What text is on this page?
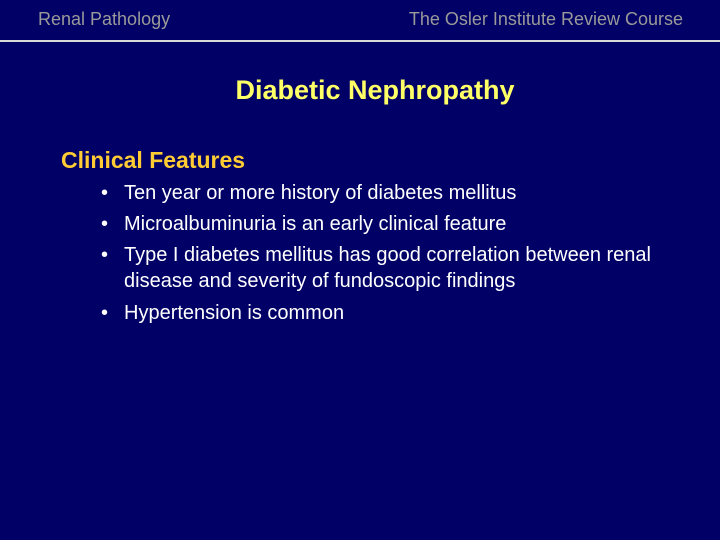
Renal Pathology	The Osler Institute Review Course
Diabetic Nephropathy
Clinical Features
• Ten year or more history of diabetes mellitus
• Microalbuminuria is an early clinical feature
• Type I diabetes mellitus has good correlation between renal disease and severity of fundoscopic findings
• Hypertension is common
